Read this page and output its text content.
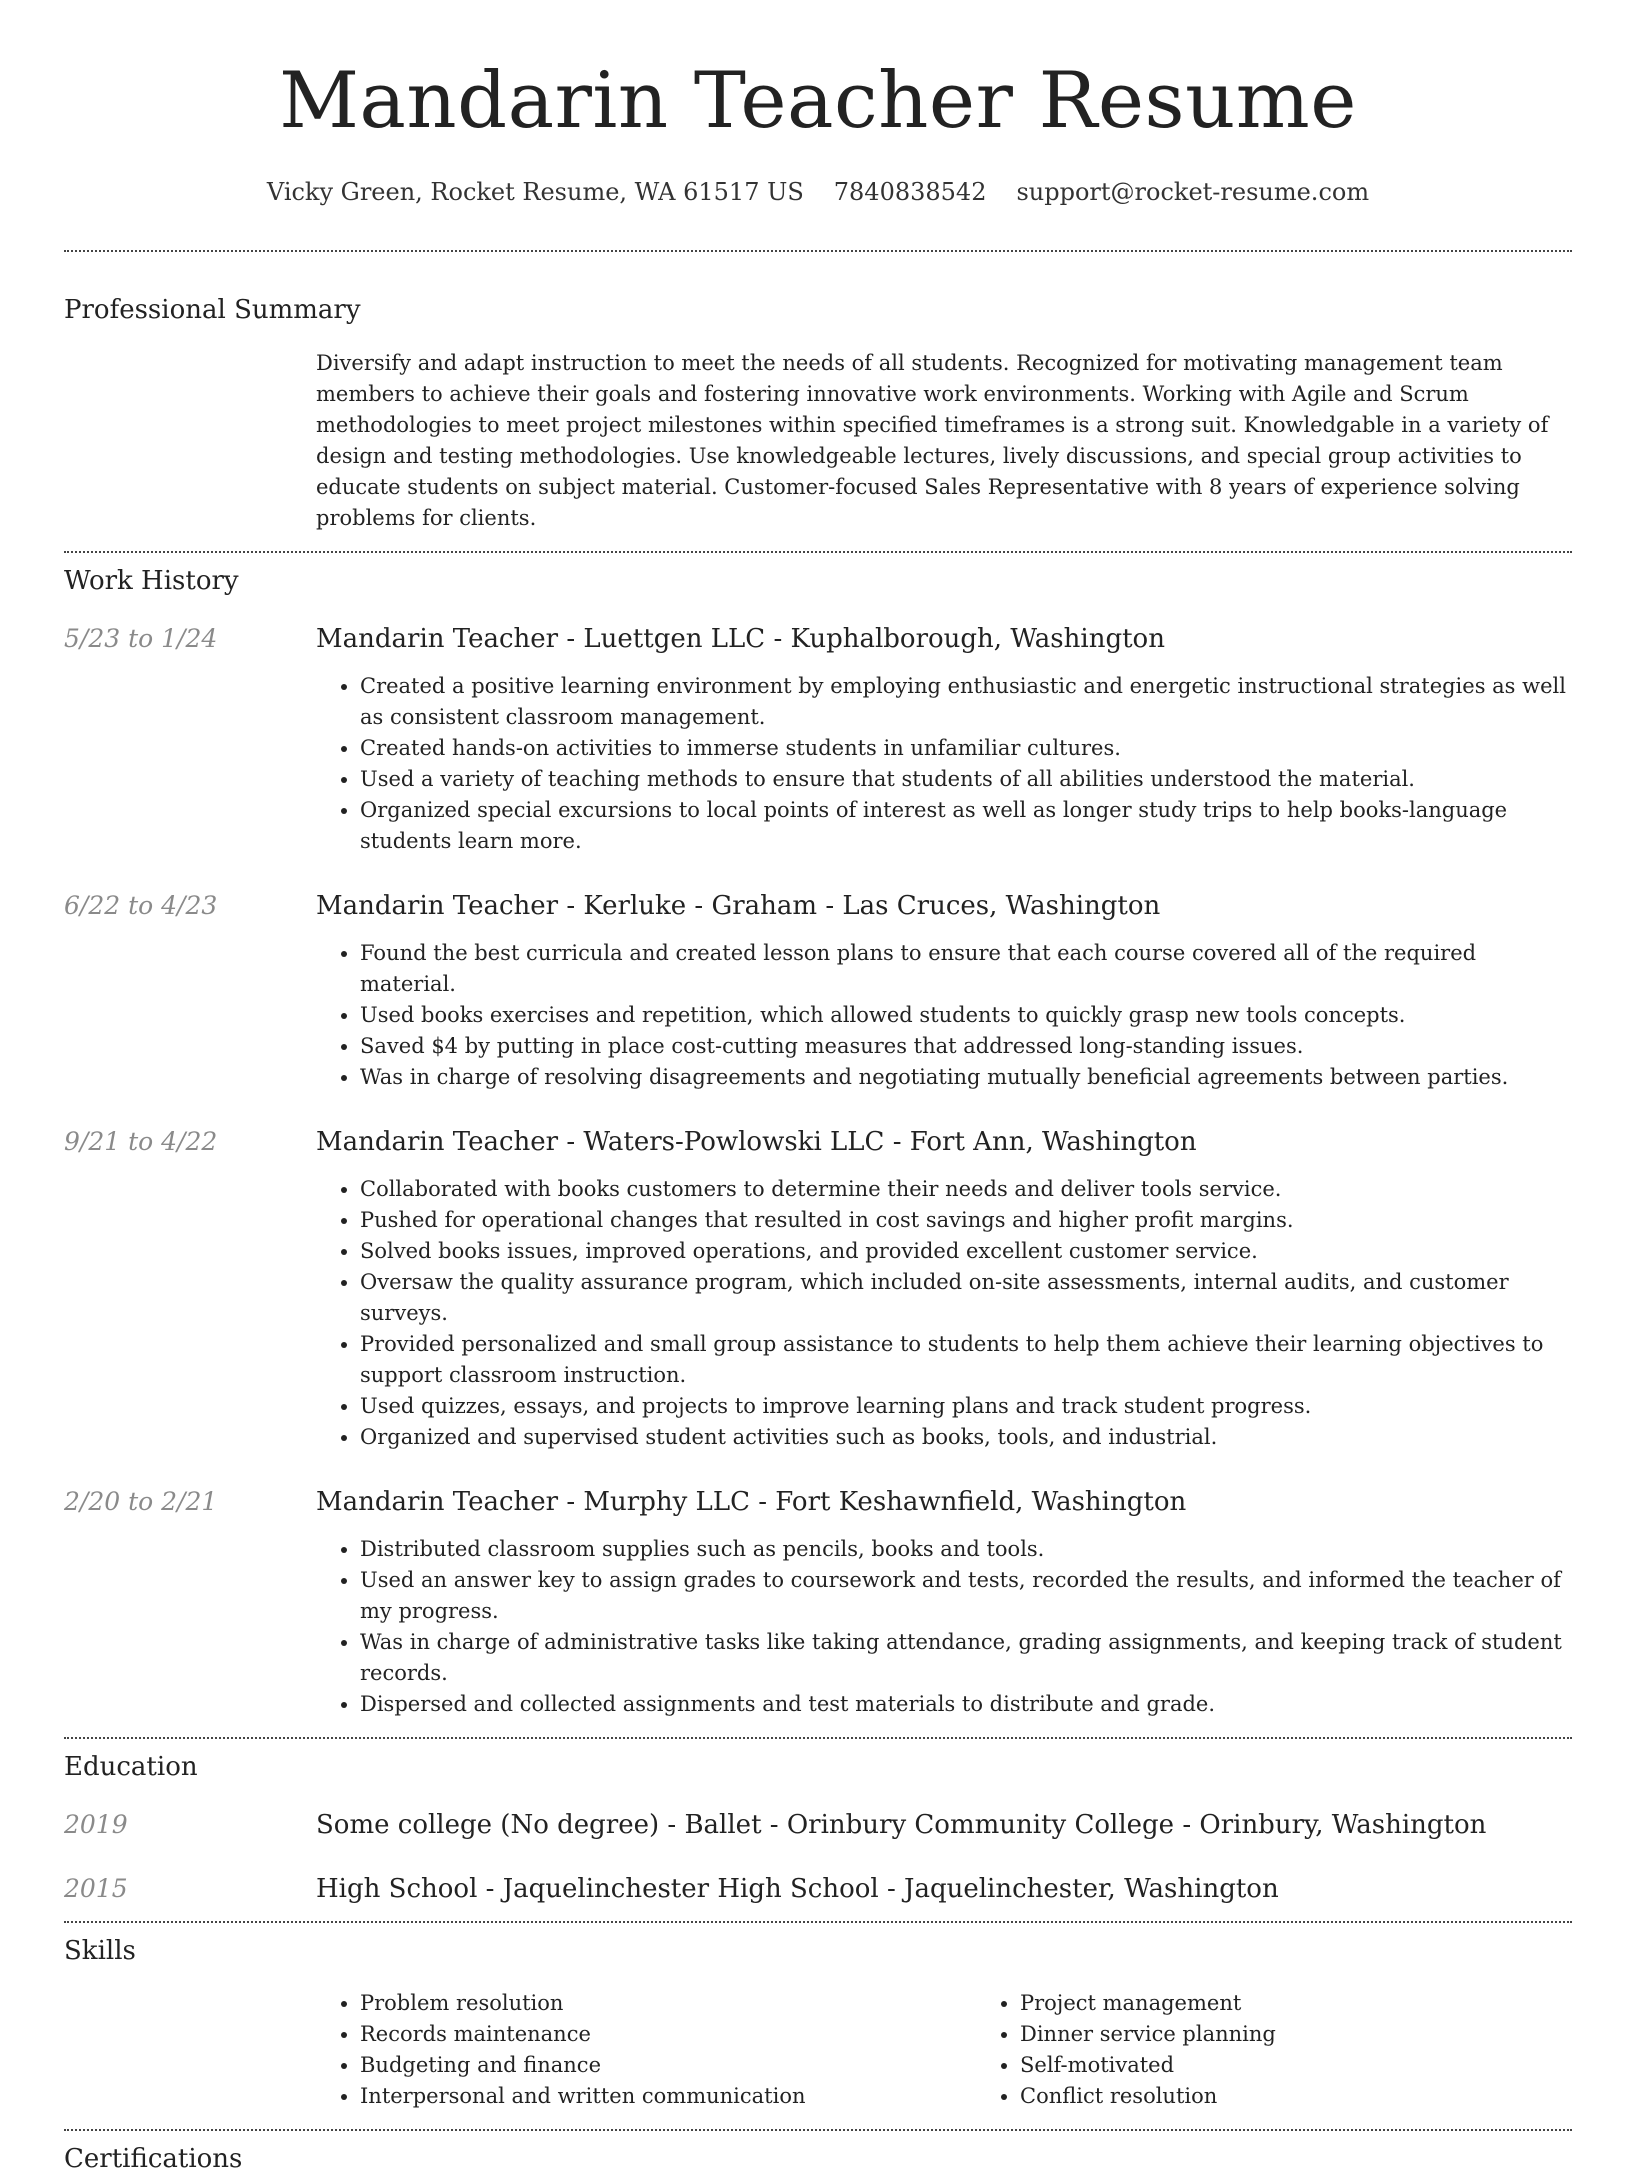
Mandarin Teacher Resume
Vicky Green, Rocket Resume, WA 61517 US 7840838542 support@rocket-resume.com
Professional Summary
Diversify and adapt instruction to meet the needs of all students. Recognized for motivating management team members to achieve their goals and fostering innovative work environments. Working with Agile and Scrum methodologies to meet project milestones within specified timeframes is a strong suit. Knowledgable in a variety of design and testing methodologies. Use knowledgeable lectures, lively discussions, and special group activities to educate students on subject material. Customer-focused Sales Representative with 8 years of experience solving problems for clients.
Work History
5/23 to 1/24	Mandarin Teacher - Luettgen LLC - Kuphalborough, Washington
• Created a positive learning environment by employing enthusiastic and energetic instructional strategies as well as consistent classroom management.
• Created hands-on activities to immerse students in unfamiliar cultures.
• Used a variety of teaching methods to ensure that students of all abilities understood the material.
• Organized special excursions to local points of interest as well as longer study trips to help books-language students learn more.
6/22 to 4/23	Mandarin Teacher - Kerluke - Graham - Las Cruces, Washington
• Found the best curricula and created lesson plans to ensure that each course covered all of the required material.
• Used books exercises and repetition, which allowed students to quickly grasp new tools concepts.
• Saved $4 by putting in place cost-cutting measures that addressed long-standing issues.
• Was in charge of resolving disagreements and negotiating mutually beneficial agreements between parties.
9/21 to 4/22	Mandarin Teacher - Waters-Powlowski LLC - Fort Ann, Washington
• Collaborated with books customers to determine their needs and deliver tools service.
• Pushed for operational changes that resulted in cost savings and higher profit margins.
• Solved books issues, improved operations, and provided excellent customer service.
• Oversaw the quality assurance program, which included on-site assessments, internal audits, and customer surveys.
• Provided personalized and small group assistance to students to help them achieve their learning objectives to support classroom instruction.
• Used quizzes, essays, and projects to improve learning plans and track student progress.
• Organized and supervised student activities such as books, tools, and industrial.
2/20 to 2/21	Mandarin Teacher - Murphy LLC - Fort Keshawnfield, Washington
• Distributed classroom supplies such as pencils, books and tools.
• Used an answer key to assign grades to coursework and tests, recorded the results, and informed the teacher of my progress.
• Was in charge of administrative tasks like taking attendance, grading assignments, and keeping track of student records.
• Dispersed and collected assignments and test materials to distribute and grade.
Education
2019	Some college (No degree) - Ballet - Orinbury Community College - Orinbury, Washington
2015	High School - Jaquelinchester High School - Jaquelinchester, Washington
Skills
• Problem resolution
• Records maintenance
• Budgeting and finance
• Interpersonal and written communication
• Project management
• Dinner service planning
• Self-motivated
• Conflict resolution
Certifications
